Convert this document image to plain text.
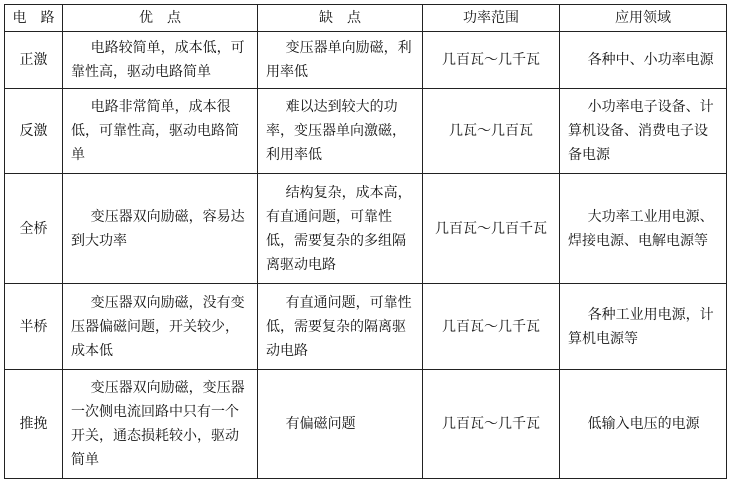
电　路	优　点	缺　点	功率范围	应用领域
正激	电路较简单，成本低，可靠性高，驱动电路简单	变压器单向励磁，利用率低	几百瓦～几千瓦	各种中、小功率电源

反激	电路非常简单，成本很低，可靠性高，驱动电路简单	难以达到较大的功率，变压器单向激磁，利用率低	几瓦～几百瓦	小功率电子设备、计算机设备、消费电子设备电源

全桥	变压器双向励磁，容易达到大功率	结构复杂，成本高，有直通问题，可靠性低，需要复杂的多组隔离驱动电路	几百瓦～几百千瓦	大功率工业用电源、焊接电源、电解电源等

半桥	变压器双向励磁，没有变压器偏磁问题，开关较少，成本低	有直通问题，可靠性低，需要复杂的隔离驱动电路	几百瓦～几千瓦	各种工业用电源，计算机电源等

推挽	变压器双向励磁，变压器一次侧电流回路中只有一个开关，通态损耗较小，驱动简单	有偏磁问题	几百瓦～几千瓦	低输入电压的电源
